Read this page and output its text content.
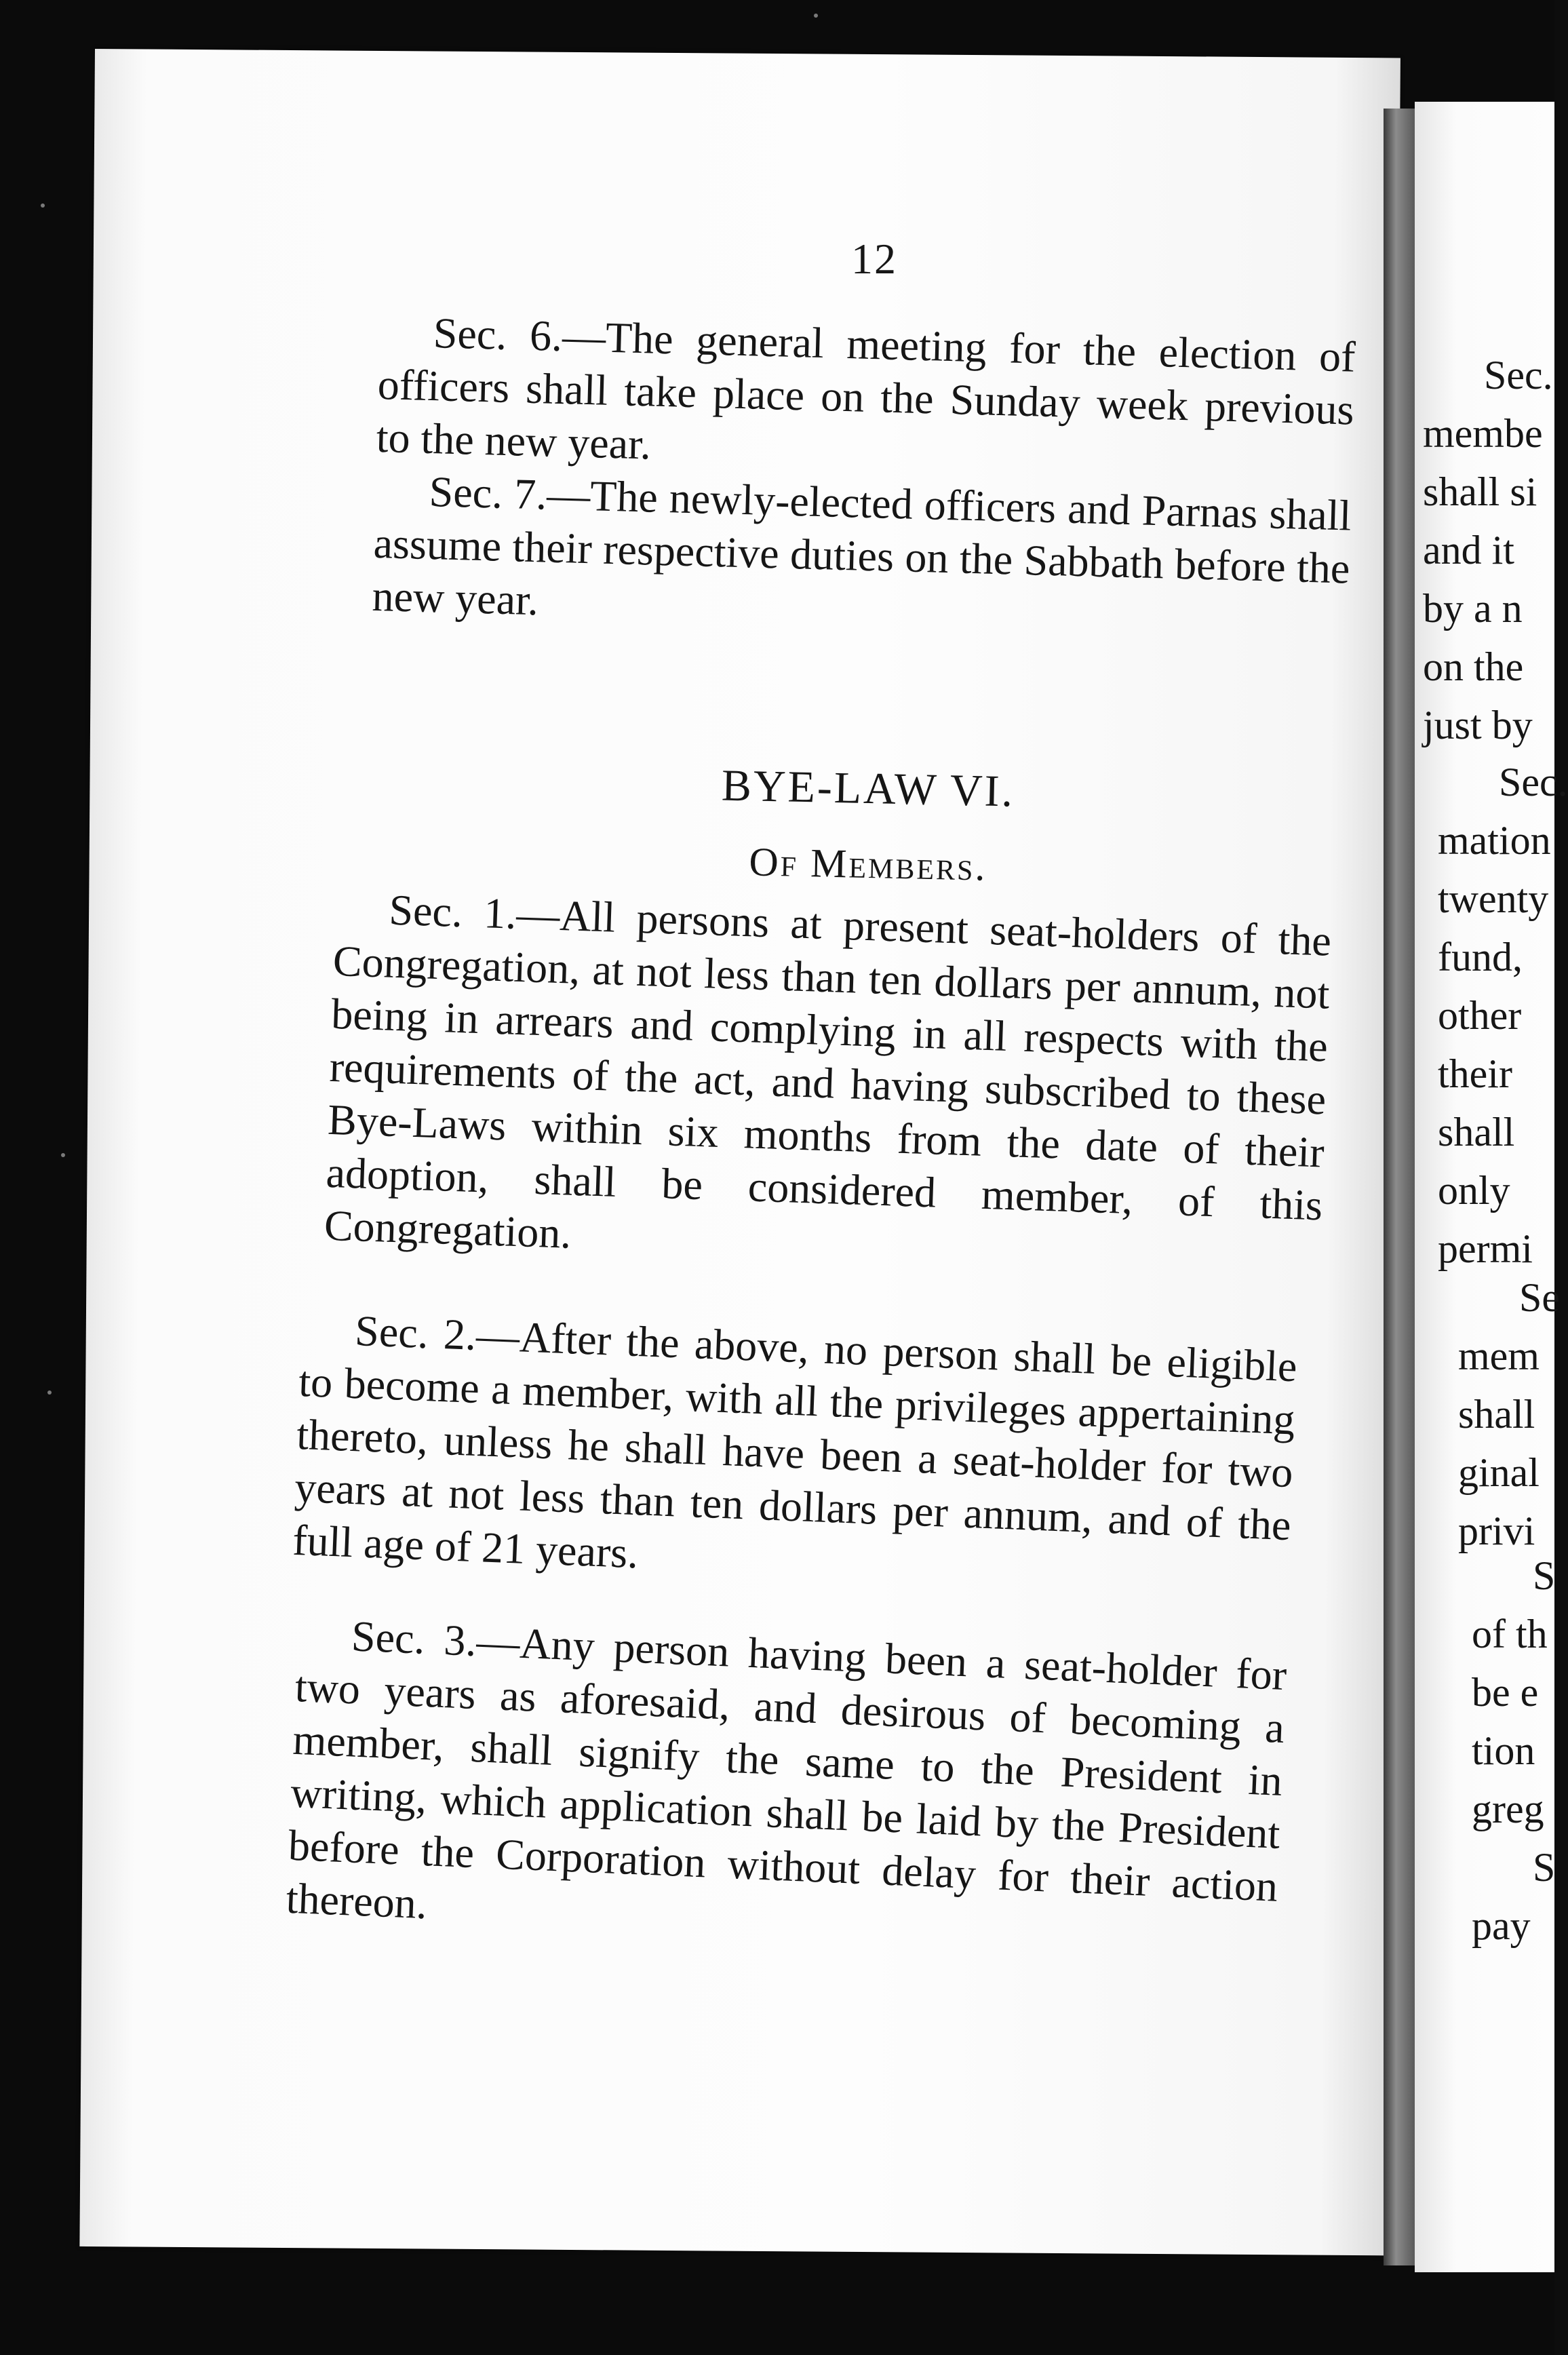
12

Sec. 6.—The general meeting for the election of officers shall take place on the Sunday week previous to the new year.

Sec. 7.—The newly-elected officers and Parnas shall assume their respective duties on the Sabbath before the new year.

BYE-LAW VI.
Of Members.

Sec. 1.—All persons at present seat-holders of the Congregation, at not less than ten dollars per annum, not being in arrears and complying in all respects with the requirements of the act, and having subscribed to these Bye-Laws within six months from the date of their adoption, shall be considered member, of this Congregation.

Sec. 2.—After the above, no person shall be eligible to become a member, with all the privileges appertaining thereto, unless he shall have been a seat-holder for two years at not less than ten dollars per annum, and of the full age of 21 years.

Sec. 3.—Any person having been a seat-holder for two years as aforesaid, and desirous of becoming a member, shall signify the same to the President in writing, which application shall be laid by the President before the Corporation without delay for their action thereon.

Sec.
membe
shall si
and it
by a n
on the
just by
Sec.
mation
twenty
fund,
other
their
shall
only
permi
Se
mem
shall
ginal
privi
S
of th
be e
tion
greg
S
pay
